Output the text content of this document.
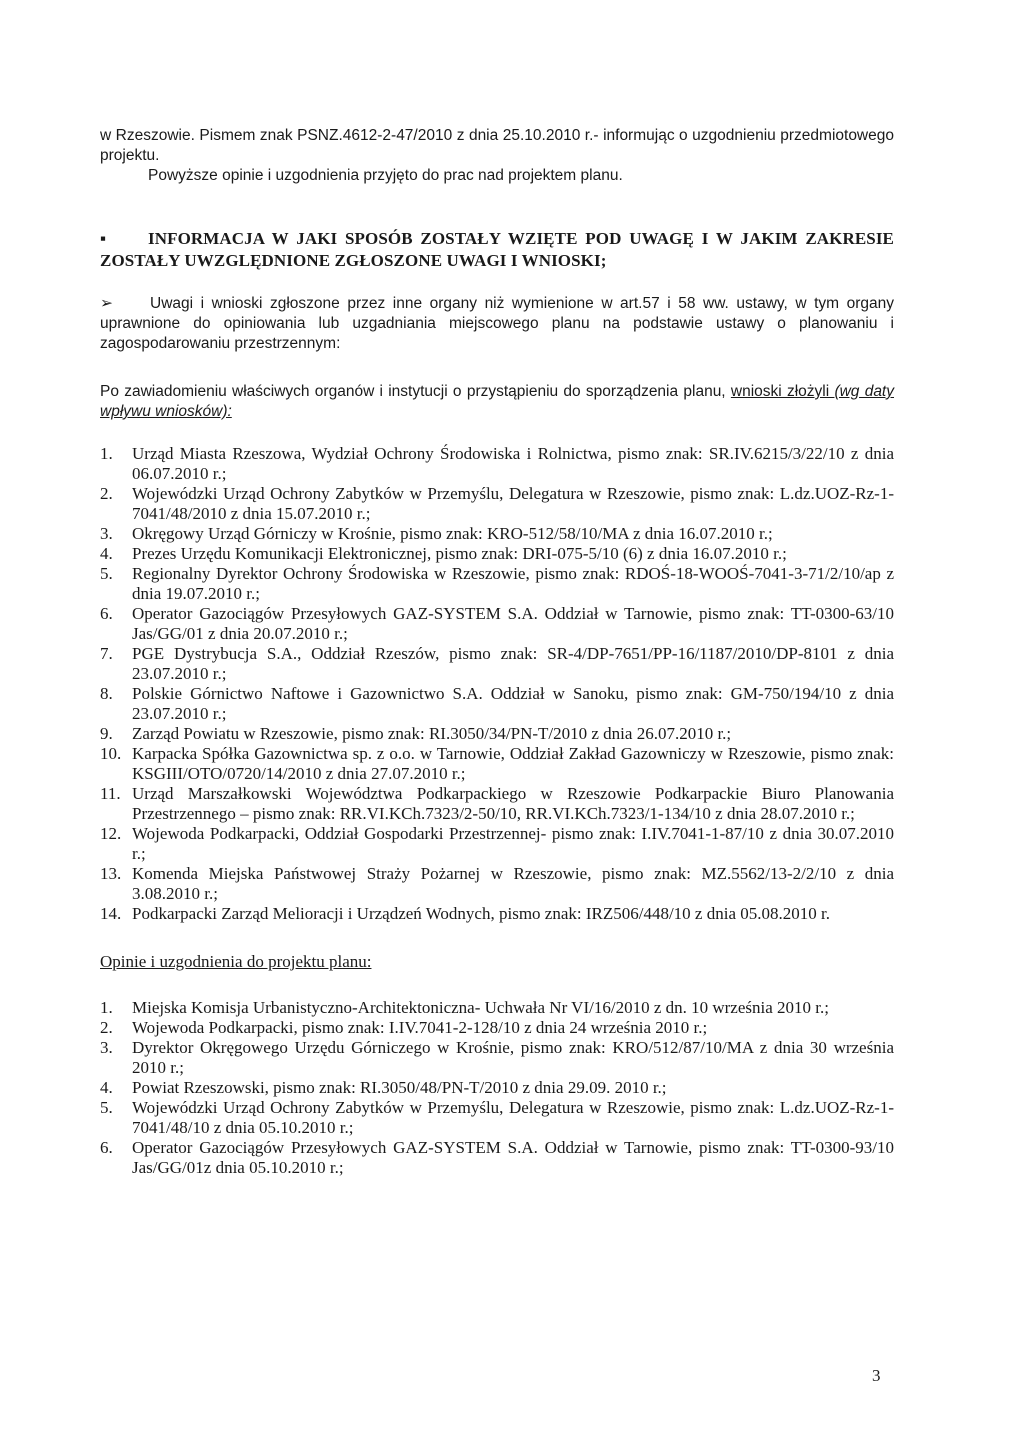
w Rzeszowie. Pismem znak PSNZ.4612-2-47/2010 z dnia 25.10.2010 r.- informując o uzgodnieniu przedmiotowego projektu.

Powyższe opinie i uzgodnienia przyjęto do prac nad projektem planu.

▪ INFORMACJA W JAKI SPOSÓB ZOSTAŁY WZIĘTE POD UWAGĘ I W JAKIM ZAKRESIE ZOSTAŁY UWZGLĘDNIONE ZGŁOSZONE UWAGI I WNIOSKI;

➢ Uwagi i wnioski zgłoszone przez inne organy niż wymienione w art.57 i 58 ww. ustawy, w tym organy uprawnione do opiniowania lub uzgadniania miejscowego planu na podstawie ustawy o planowaniu i zagospodarowaniu przestrzennym:

Po zawiadomieniu właściwych organów i instytucji o przystąpieniu do sporządzenia planu, wnioski złożyli (wg daty wpływu wniosków):

1. Urząd Miasta Rzeszowa, Wydział Ochrony Środowiska i Rolnictwa, pismo znak: SR.IV.6215/3/22/10 z dnia 06.07.2010 r.;
2. Wojewódzki Urząd Ochrony Zabytków w Przemyślu, Delegatura w Rzeszowie, pismo znak: L.dz.UOZ-Rz-1-7041/48/2010 z dnia 15.07.2010 r.;
3. Okręgowy Urząd Górniczy w Krośnie, pismo znak: KRO-512/58/10/MA z dnia 16.07.2010 r.;
4. Prezes Urzędu Komunikacji Elektronicznej, pismo znak: DRI-075-5/10 (6) z dnia 16.07.2010 r.;
5. Regionalny Dyrektor Ochrony Środowiska w Rzeszowie, pismo znak: RDOŚ-18-WOOŚ-7041-3-71/2/10/ap z dnia 19.07.2010 r.;
6. Operator Gazociągów Przesyłowych GAZ-SYSTEM S.A. Oddział w Tarnowie, pismo znak: TT-0300-63/10 Jas/GG/01 z dnia 20.07.2010 r.;
7. PGE Dystrybucja S.A., Oddział Rzeszów, pismo znak: SR-4/DP-7651/PP-16/1187/2010/DP-8101 z dnia 23.07.2010 r.;
8. Polskie Górnictwo Naftowe i Gazownictwo S.A. Oddział w Sanoku, pismo znak: GM-750/194/10 z dnia 23.07.2010 r.;
9. Zarząd Powiatu w Rzeszowie, pismo znak: RI.3050/34/PN-T/2010 z dnia 26.07.2010 r.;
10. Karpacka Spółka Gazownictwa sp. z o.o. w Tarnowie, Oddział Zakład Gazowniczy w Rzeszowie, pismo znak: KSGIII/OTO/0720/14/2010 z dnia 27.07.2010 r.;
11. Urząd Marszałkowski Województwa Podkarpackiego w Rzeszowie Podkarpackie Biuro Planowania Przestrzennego – pismo znak: RR.VI.KCh.7323/2-50/10, RR.VI.KCh.7323/1-134/10 z dnia 28.07.2010 r.;
12. Wojewoda Podkarpacki, Oddział Gospodarki Przestrzennej- pismo znak: I.IV.7041-1-87/10 z dnia 30.07.2010 r.;
13. Komenda Miejska Państwowej Straży Pożarnej w Rzeszowie, pismo znak: MZ.5562/13-2/2/10 z dnia 3.08.2010 r.;
14. Podkarpacki Zarząd Melioracji i Urządzeń Wodnych, pismo znak: IRZ506/448/10 z dnia 05.08.2010 r.

Opinie i uzgodnienia do projektu planu:

1. Miejska Komisja Urbanistyczno-Architektoniczna- Uchwała Nr VI/16/2010 z dn. 10 września 2010 r.;
2. Wojewoda Podkarpacki, pismo znak: I.IV.7041-2-128/10 z dnia 24 września 2010 r.;
3. Dyrektor Okręgowego Urzędu Górniczego w Krośnie, pismo znak: KRO/512/87/10/MA z dnia 30 września 2010 r.;
4. Powiat Rzeszowski, pismo znak: RI.3050/48/PN-T/2010 z dnia 29.09. 2010 r.;
5. Wojewódzki Urząd Ochrony Zabytków w Przemyślu, Delegatura w Rzeszowie, pismo znak: L.dz.UOZ-Rz-1-7041/48/10 z dnia 05.10.2010 r.;
6. Operator Gazociągów Przesyłowych GAZ-SYSTEM S.A. Oddział w Tarnowie, pismo znak: TT-0300-93/10 Jas/GG/01z dnia 05.10.2010 r.;
3
